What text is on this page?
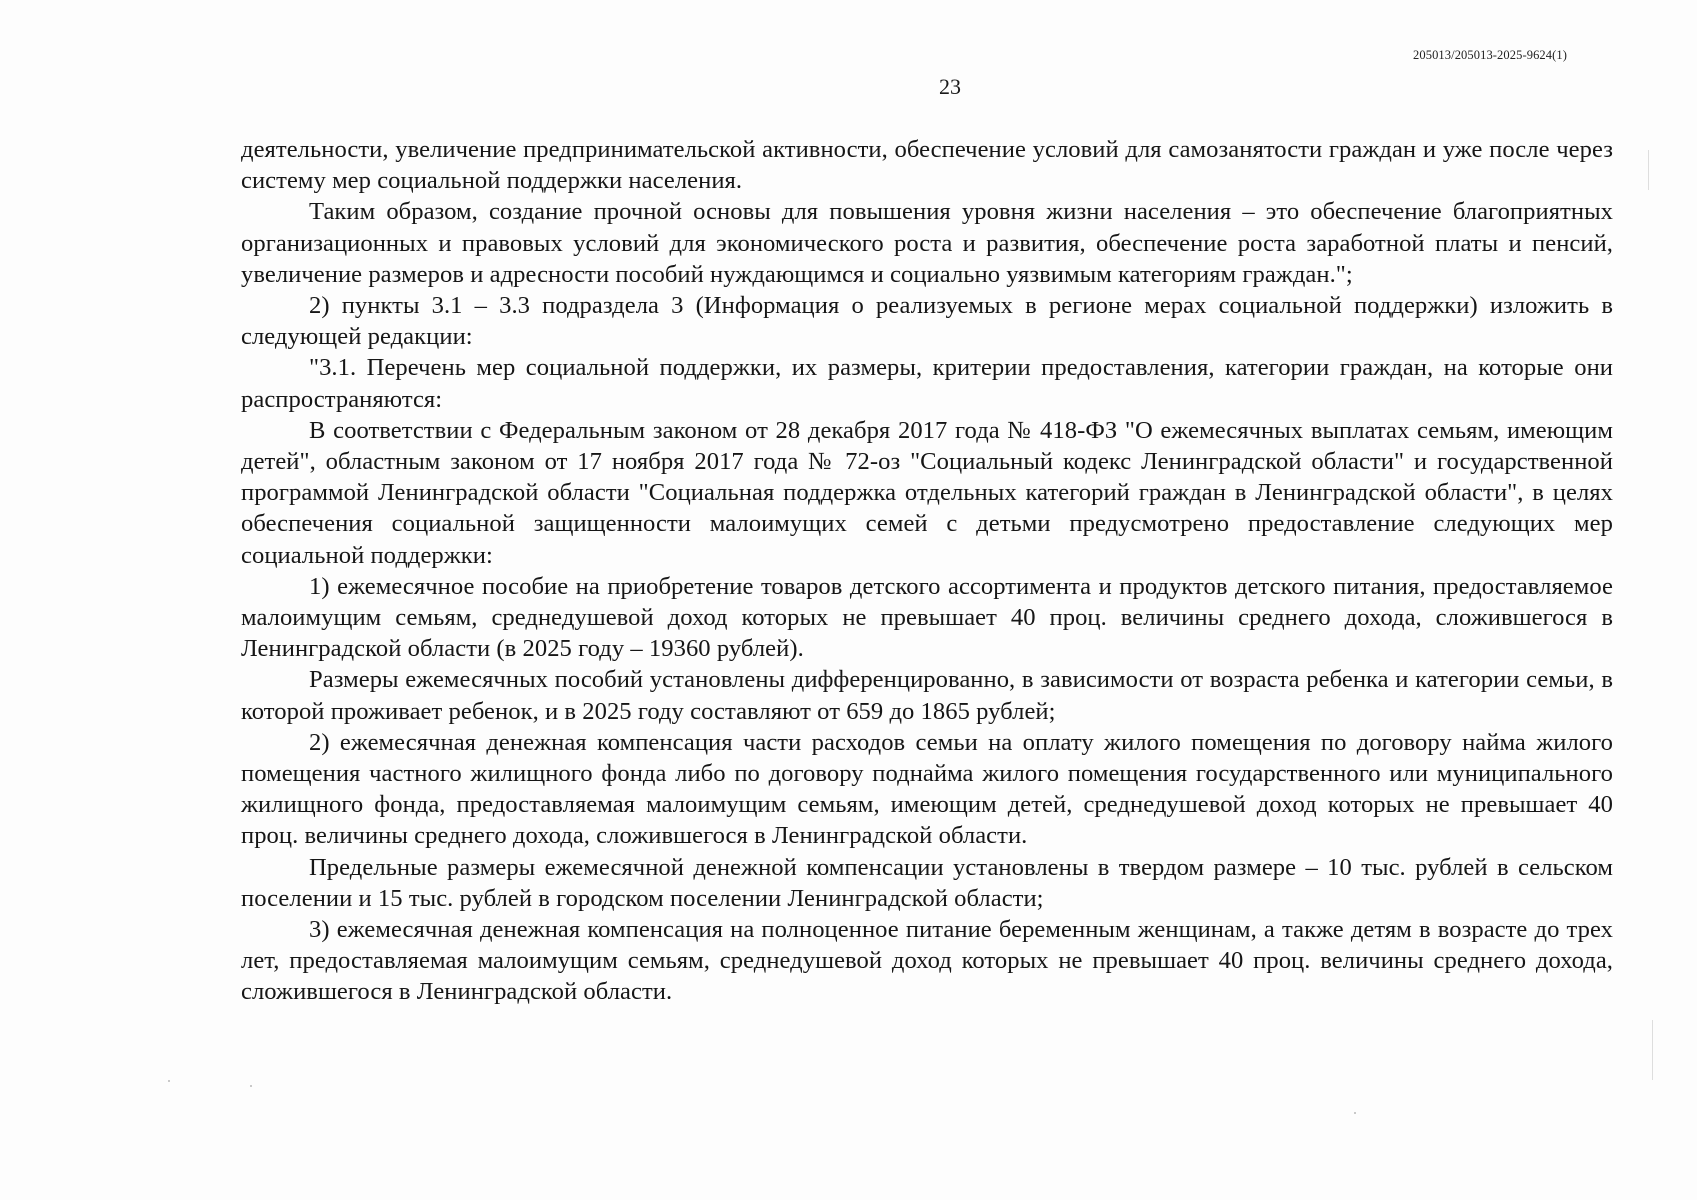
205013/205013-2025-9624(1)
23

деятельности, увеличение предпринимательской активности, обеспечение условий для самозанятости граждан и уже после через систему мер социальной поддержки населения.

Таким образом, создание прочной основы для повышения уровня жизни населения – это обеспечение благоприятных организационных и правовых условий для экономического роста и развития, обеспечение роста заработной платы и пенсий, увеличение размеров и адресности пособий нуждающимся и социально уязвимым категориям граждан.";

2) пункты 3.1 – 3.3 подраздела 3 (Информация о реализуемых в регионе мерах социальной поддержки) изложить в следующей редакции:

"3.1. Перечень мер социальной поддержки, их размеры, критерии предоставления, категории граждан, на которые они распространяются:

В соответствии с Федеральным законом от 28 декабря 2017 года № 418-ФЗ "О ежемесячных выплатах семьям, имеющим детей", областным законом от 17 ноября 2017 года № 72-оз "Социальный кодекс Ленинградской области" и государственной программой Ленинградской области "Социальная поддержка отдельных категорий граждан в Ленинградской области", в целях обеспечения социальной защищенности малоимущих семей с детьми предусмотрено предоставление следующих мер социальной поддержки:

1) ежемесячное пособие на приобретение товаров детского ассортимента и продуктов детского питания, предоставляемое малоимущим семьям, среднедушевой доход которых не превышает 40 проц. величины среднего дохода, сложившегося в Ленинградской области (в 2025 году – 19360 рублей).

Размеры ежемесячных пособий установлены дифференцированно, в зависимости от возраста ребенка и категории семьи, в которой проживает ребенок, и в 2025 году составляют от 659 до 1865 рублей;

2) ежемесячная денежная компенсация части расходов семьи на оплату жилого помещения по договору найма жилого помещения частного жилищного фонда либо по договору поднайма жилого помещения государственного или муниципального жилищного фонда, предоставляемая малоимущим семьям, имеющим детей, среднедушевой доход которых не превышает 40 проц. величины среднего дохода, сложившегося в Ленинградской области.

Предельные размеры ежемесячной денежной компенсации установлены в твердом размере – 10 тыс. рублей в сельском поселении и 15 тыс. рублей в городском поселении Ленинградской области;

3) ежемесячная денежная компенсация на полноценное питание беременным женщинам, а также детям в возрасте до трех лет, предоставляемая малоимущим семьям, среднедушевой доход которых не превышает 40 проц. величины среднего дохода, сложившегося в Ленинградской области.
